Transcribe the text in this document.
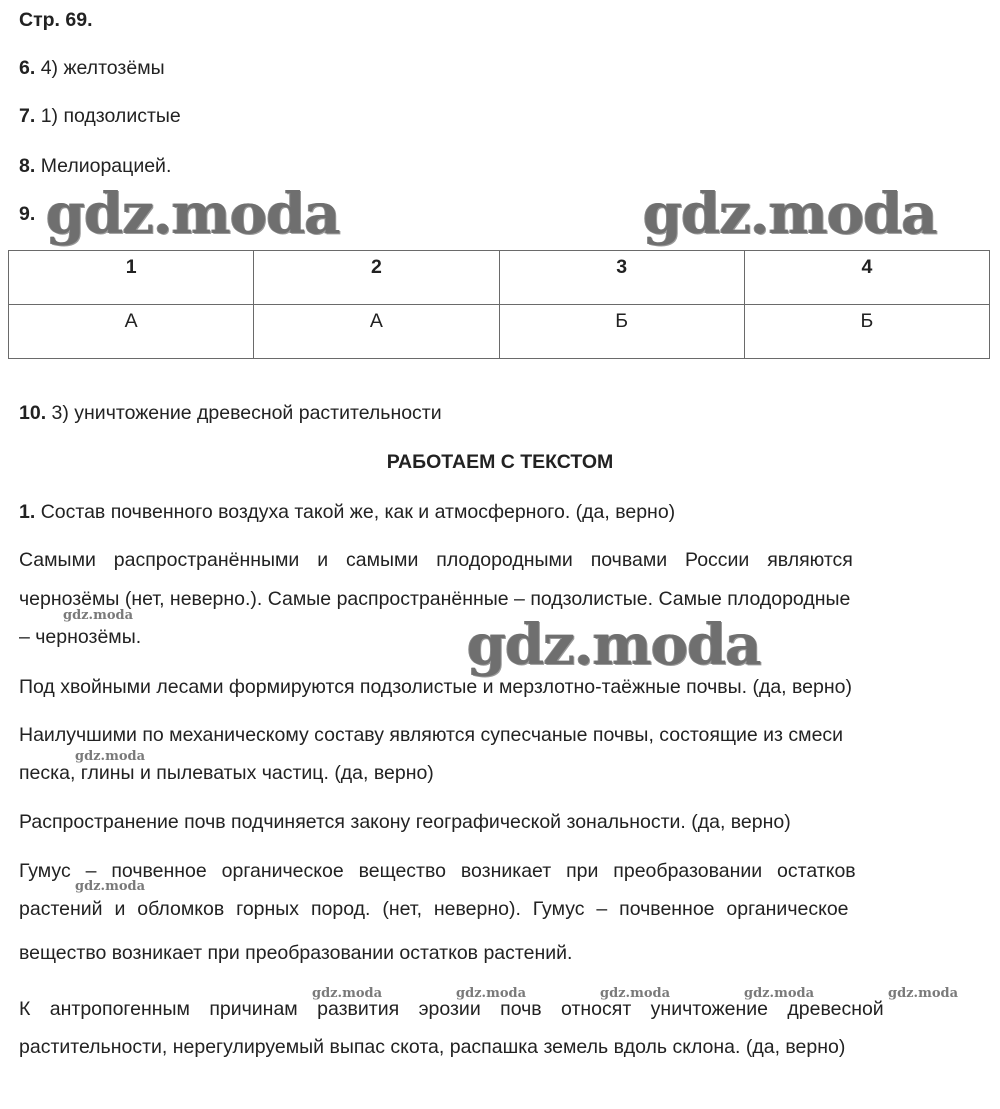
Стр. 69.
6. 4) желтозёмы
7. 1) подзолистые
8. Мелиорацией.
9.
1	2	3	4
А	А	Б	Б
10. 3) уничтожение древесной растительности
РАБОТАЕМ С ТЕКСТОМ
1. Состав почвенного воздуха такой же, как и атмосферного. (да, верно)
Самыми распространёнными и самыми плодородными почвами России являются
чернозёмы (нет, неверно.). Самые распространённые – подзолистые. Самые плодородные
– чернозёмы.
Под хвойными лесами формируются подзолистые и мерзлотно-таёжные почвы. (да, верно)
Наилучшими по механическому составу являются супесчаные почвы, состоящие из смеси
песка, глины и пылеватых частиц. (да, верно)
Распространение почв подчиняется закону географической зональности. (да, верно)
Гумус – почвенное органическое вещество возникает при преобразовании остатков
растений и обломков горных пород. (нет, неверно). Гумус – почвенное органическое
вещество возникает при преобразовании остатков растений.
К антропогенным причинам развития эрозии почв относят уничтожение древесной
растительности, нерегулируемый выпас скота, распашка земель вдоль склона. (да, верно)
gdz.moda	gdz.moda
gdz.moda
gdz.moda
gdz.moda
gdz.moda
gdz.moda	gdz.moda	gdz.moda	gdz.moda	gdz.moda
